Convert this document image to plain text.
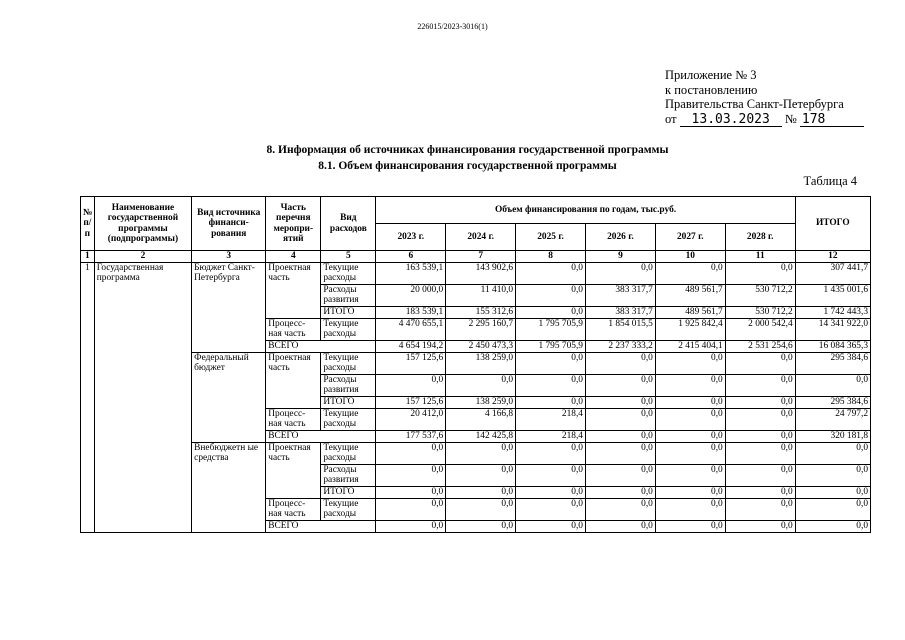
226015/2023-3016(1)
Приложение № 3
к постановлению
Правительства Санкт-Петербурга
от 13.03.2023 № 178
8. Информация об источниках финансирования государственной программы
8.1. Объем финансирования государственной программы
Таблица 4
№ п/п	Наименование государственной программы (подпрограммы)	Вид источника финанси-рования	Часть перечня меропри-ятий	Вид расходов	Объем финансирования по годам, тыс.руб.						ИТОГО
					2023 г.	2024 г.	2025 г.	2026 г.	2027 г.	2028 г.	
1	2	3	4	5	6	7	8	9	10	11	12
1	Государственная программа	Бюджет Санкт-Петербурга	Проектная часть	Текущие расходы	163 539,1	143 902,6	0,0	0,0	0,0	0,0	307 441,7
				Расходы развития	20 000,0	11 410,0	0,0	383 317,7	489 561,7	530 712,2	1 435 001,6
				ИТОГО	183 539,1	155 312,6	0,0	383 317,7	489 561,7	530 712,2	1 742 443,3
			Процесс-ная часть	Текущие расходы	4 470 655,1	2 295 160,7	1 795 705,9	1 854 015,5	1 925 842,4	2 000 542,4	14 341 922,0
			ВСЕГО		4 654 194,2	2 450 473,3	1 795 705,9	2 237 333,2	2 415 404,1	2 531 254,6	16 084 365,3
		Федеральный бюджет	Проектная часть	Текущие расходы	157 125,6	138 259,0	0,0	0,0	0,0	0,0	295 384,6
				Расходы развития	0,0	0,0	0,0	0,0	0,0	0,0	0,0
				ИТОГО	157 125,6	138 259,0	0,0	0,0	0,0	0,0	295 384,6
			Процесс-ная часть	Текущие расходы	20 412,0	4 166,8	218,4	0,0	0,0	0,0	24 797,2
			ВСЕГО		177 537,6	142 425,8	218,4	0,0	0,0	0,0	320 181,8
		Внебюджетн ые средства	Проектная часть	Текущие расходы	0,0	0,0	0,0	0,0	0,0	0,0	0,0
				Расходы развития	0,0	0,0	0,0	0,0	0,0	0,0	0,0
				ИТОГО	0,0	0,0	0,0	0,0	0,0	0,0	0,0
			Процесс-ная часть	Текущие расходы	0,0	0,0	0,0	0,0	0,0	0,0	0,0
			ВСЕГО		0,0	0,0	0,0	0,0	0,0	0,0	0,0
